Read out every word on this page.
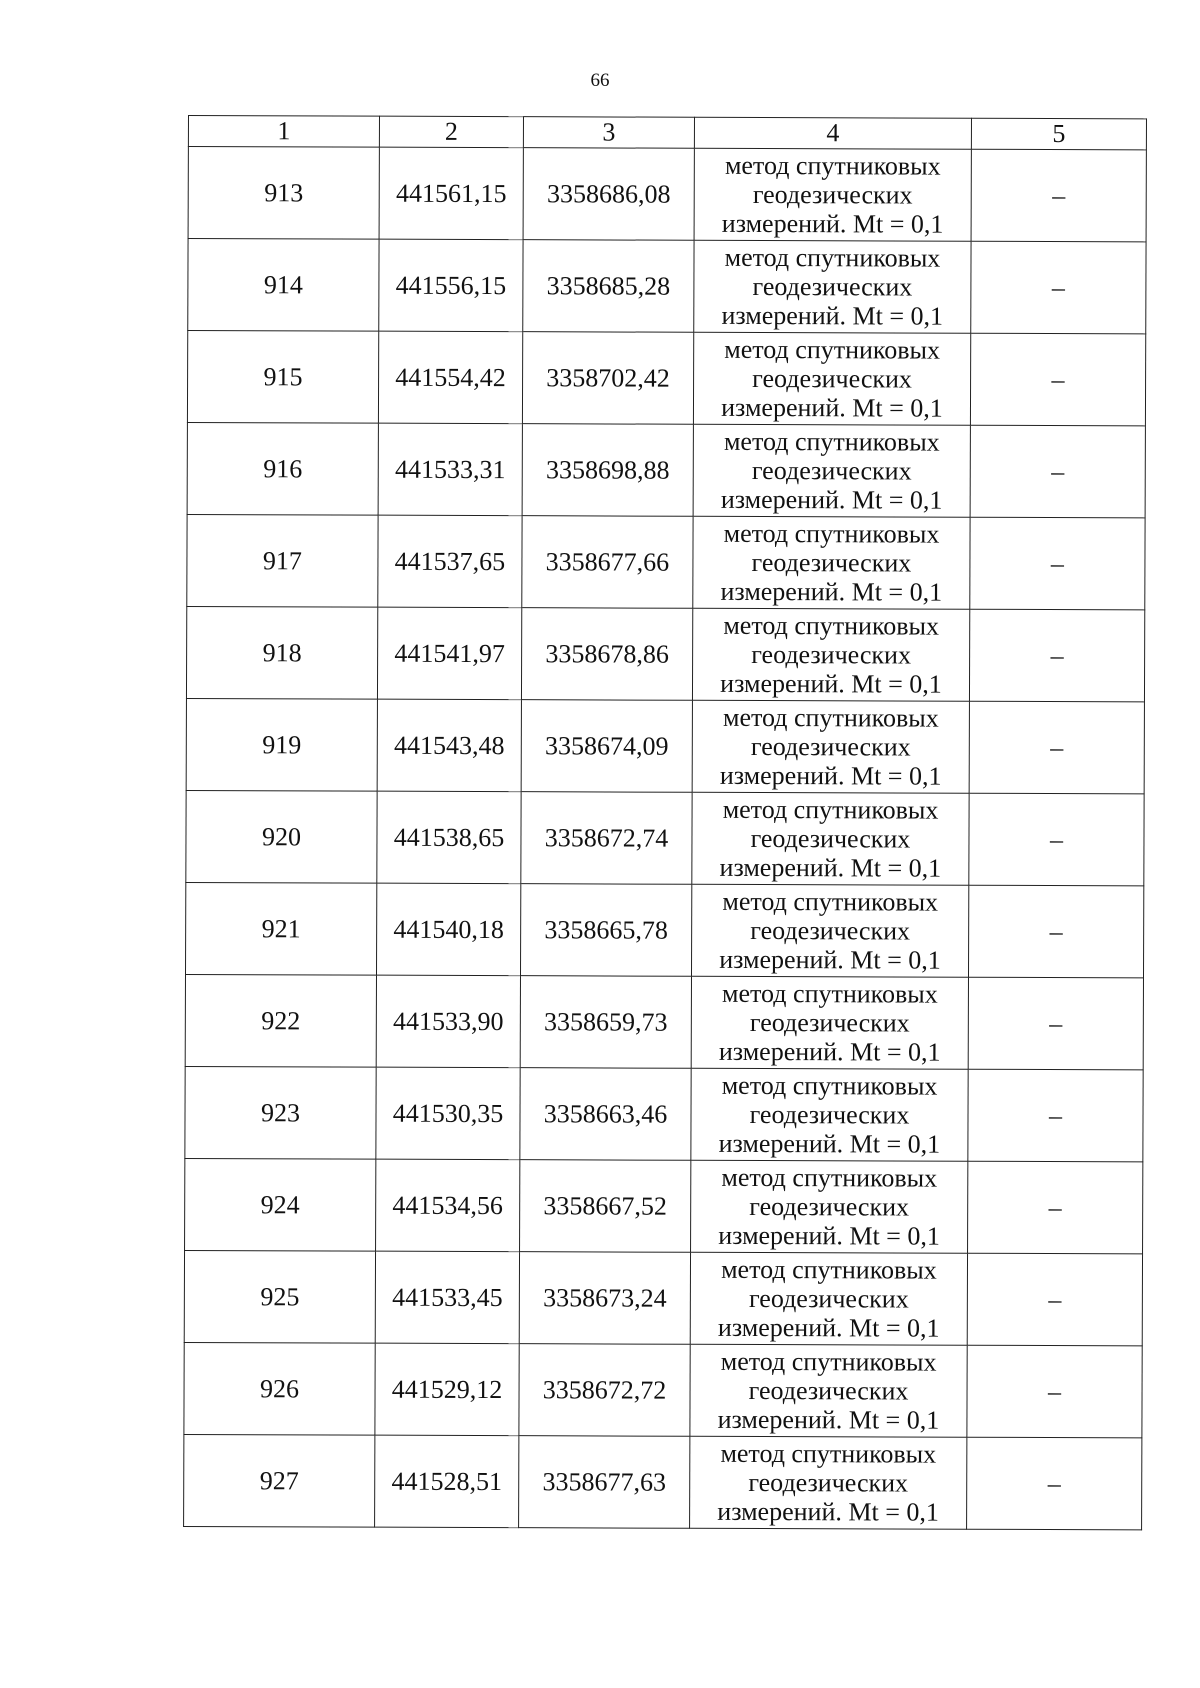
66
1	2	3	4	5
913	441561,15	3358686,08	метод спутниковых
геодезических
измерений. Mt = 0,1	–
914	441556,15	3358685,28	метод спутниковых
геодезических
измерений. Mt = 0,1	–
915	441554,42	3358702,42	метод спутниковых
геодезических
измерений. Mt = 0,1	–
916	441533,31	3358698,88	метод спутниковых
геодезических
измерений. Mt = 0,1	–
917	441537,65	3358677,66	метод спутниковых
геодезических
измерений. Mt = 0,1	–
918	441541,97	3358678,86	метод спутниковых
геодезических
измерений. Mt = 0,1	–
919	441543,48	3358674,09	метод спутниковых
геодезических
измерений. Mt = 0,1	–
920	441538,65	3358672,74	метод спутниковых
геодезических
измерений. Mt = 0,1	–
921	441540,18	3358665,78	метод спутниковых
геодезических
измерений. Mt = 0,1	–
922	441533,90	3358659,73	метод спутниковых
геодезических
измерений. Mt = 0,1	–
923	441530,35	3358663,46	метод спутниковых
геодезических
измерений. Mt = 0,1	–
924	441534,56	3358667,52	метод спутниковых
геодезических
измерений. Mt = 0,1	–
925	441533,45	3358673,24	метод спутниковых
геодезических
измерений. Mt = 0,1	–
926	441529,12	3358672,72	метод спутниковых
геодезических
измерений. Mt = 0,1	–
927	441528,51	3358677,63	метод спутниковых
геодезических
измерений. Mt = 0,1	–
